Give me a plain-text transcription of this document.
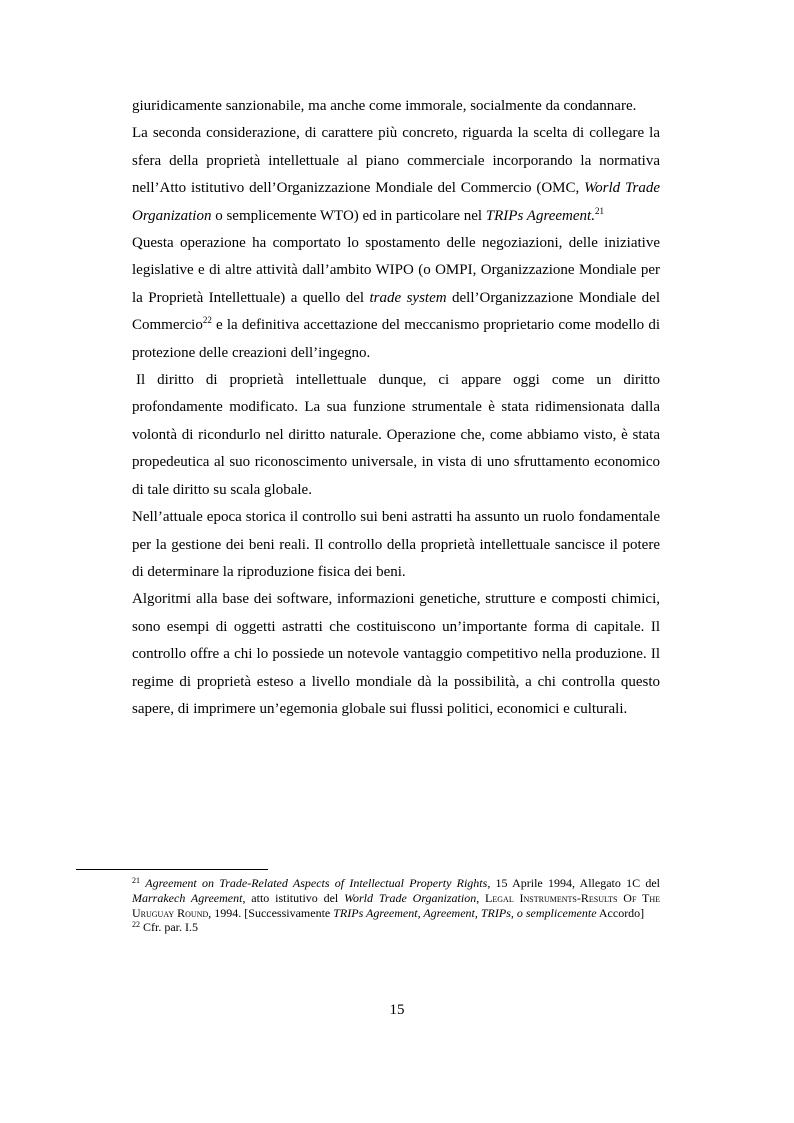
giuridicamente sanzionabile, ma anche come immorale, socialmente da condannare.

La seconda considerazione, di carattere più concreto, riguarda la scelta di collegare la sfera della proprietà intellettuale al piano commerciale incorporando la normativa nell’Atto istitutivo dell’Organizzazione Mondiale del Commercio (OMC, World Trade Organization o semplicemente WTO) ed in particolare nel TRIPs Agreement.$^{21}$

Questa operazione ha comportato lo spostamento delle negoziazioni, delle iniziative legislative e di altre attività dall’ambito WIPO (o OMPI, Organizzazione Mondiale per la Proprietà Intellettuale) a quello del trade system dell’Organizzazione Mondiale del Commercio$^{22}$ e la definitiva accettazione del meccanismo proprietario come modello di protezione delle creazioni dell’ingegno.

Il diritto di proprietà intellettuale dunque, ci appare oggi come un diritto profondamente modificato. La sua funzione strumentale è stata ridimensionata dalla volontà di ricondurlo nel diritto naturale. Operazione che, come abbiamo visto, è stata propedeutica al suo riconoscimento universale, in vista di uno sfruttamento economico di tale diritto su scala globale.

Nell’attuale epoca storica il controllo sui beni astratti ha assunto un ruolo fondamentale per la gestione dei beni reali. Il controllo della proprietà intellettuale sancisce il potere di determinare la riproduzione fisica dei beni.

Algoritmi alla base dei software, informazioni genetiche, strutture e composti chimici, sono esempi di oggetti astratti che costituiscono un’importante forma di capitale. Il controllo offre a chi lo possiede un notevole vantaggio competitivo nella produzione. Il regime di proprietà esteso a livello mondiale dà la possibilità, a chi controlla questo sapere, di imprimere un’egemonia globale sui flussi politici, economici e culturali.

$^{21}$ Agreement on Trade-Related Aspects of Intellectual Property Rights, 15 Aprile 1994, Allegato 1C del Marrakech Agreement, atto istitutivo del World Trade Organization, Legal Instruments-Results Of The Uruguay Round, 1994. [Successivamente TRIPs Agreement, Agreement, TRIPs, o semplicemente Accordo]

$^{22}$ Cfr. par. I.5

15
